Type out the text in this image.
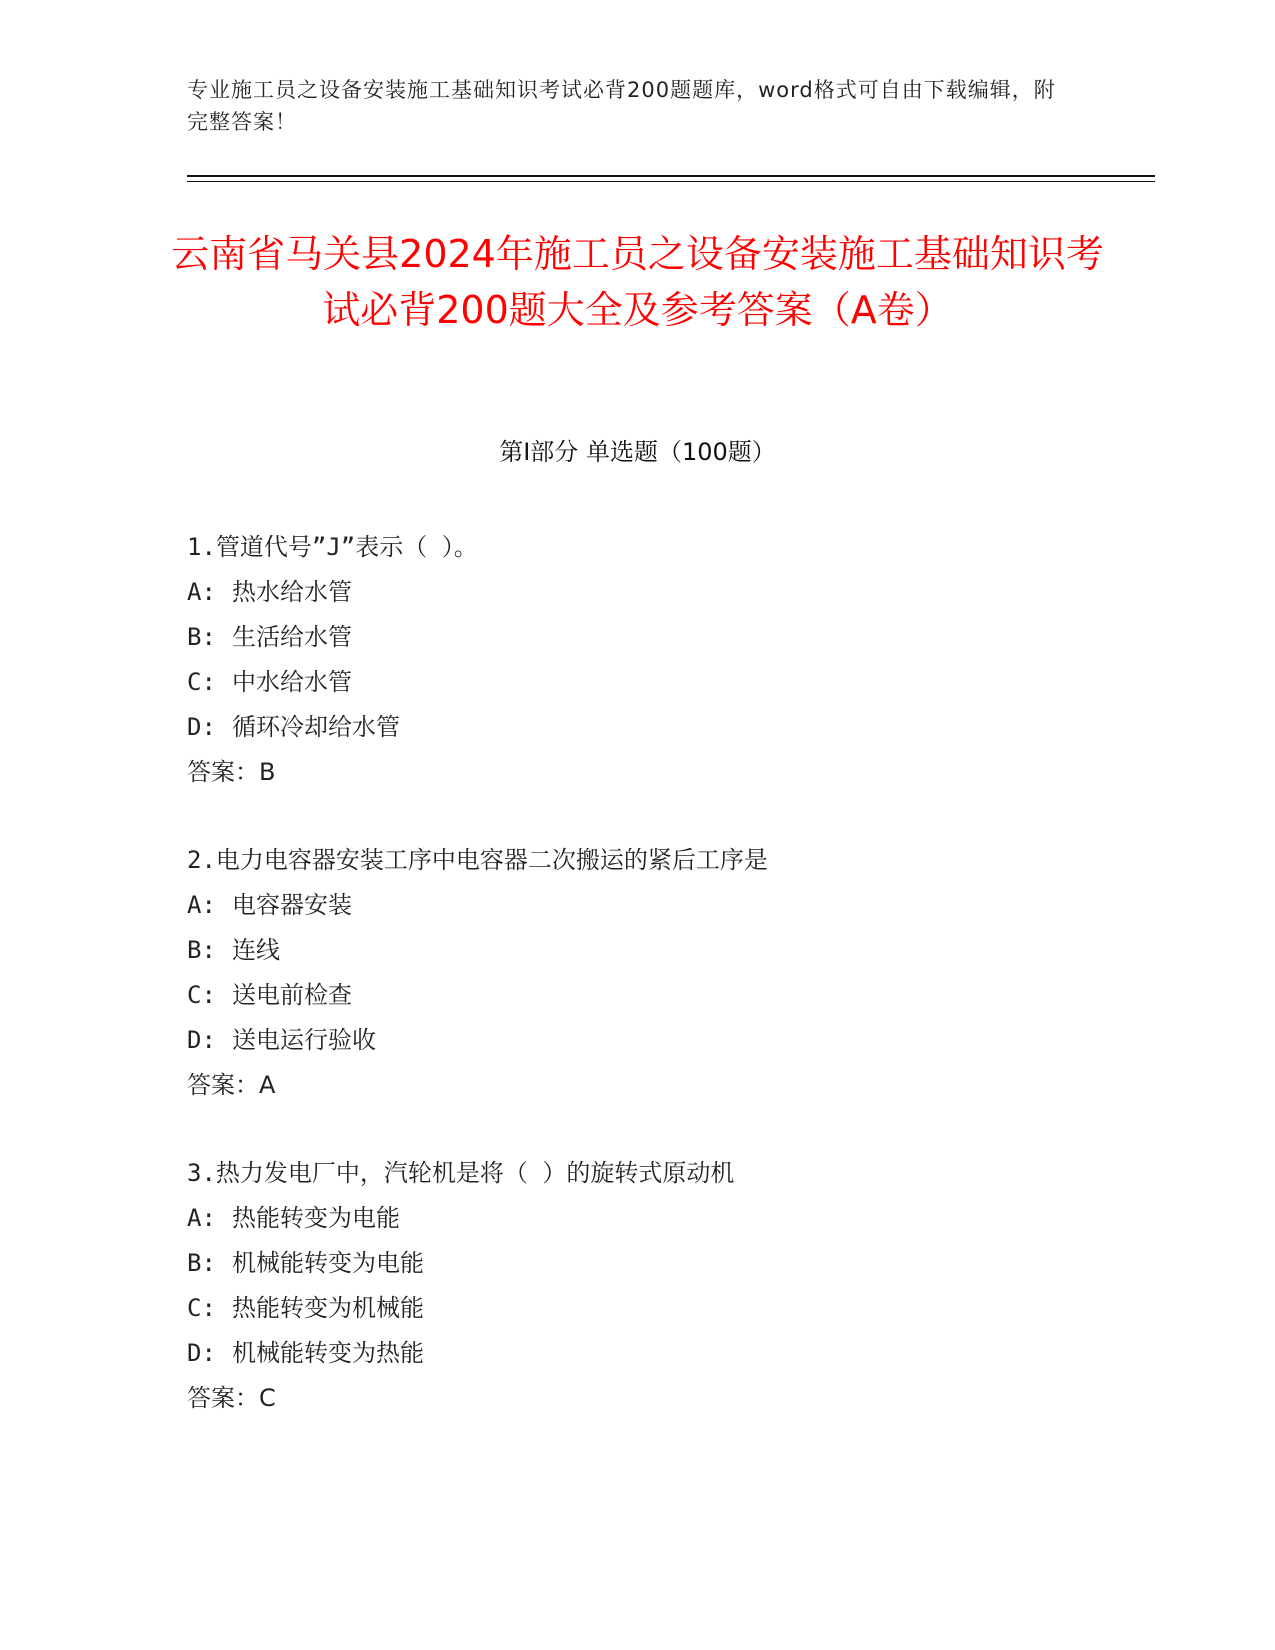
专业施工员之设备安装施工基础知识考试必背200题题库，word格式可自由下载编辑，附完整答案！
云南省马关县2024年施工员之设备安装施工基础知识考试必背200题大全及参考答案（A卷）
第I部分 单选题（100题）
1.管道代号”J”表示（ ）。
A: 热水给水管
B: 生活给水管
C: 中水给水管
D: 循环冷却给水管
答案：B
2.电力电容器安装工序中电容器二次搬运的紧后工序是
A: 电容器安装
B: 连线
C: 送电前检查
D: 送电运行验收
答案：A
3.热力发电厂中，汽轮机是将（ ）的旋转式原动机
A: 热能转变为电能
B: 机械能转变为电能
C: 热能转变为机械能
D: 机械能转变为热能
答案：C
